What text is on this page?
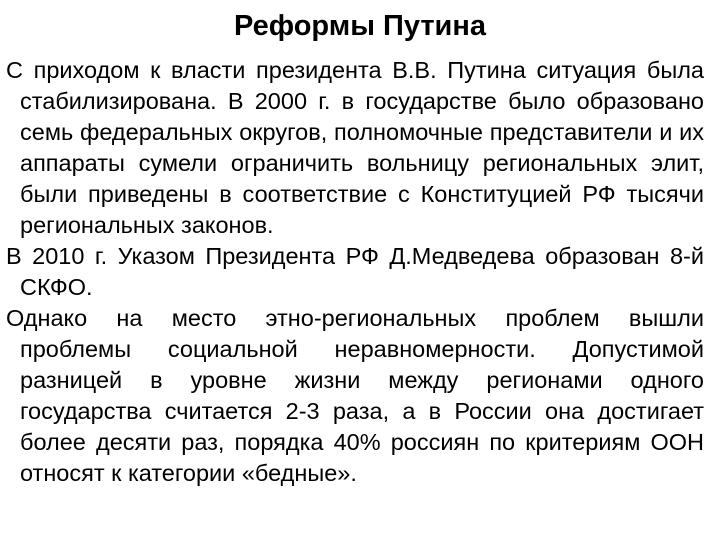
Реформы Путина

С приходом к власти президента В.В. Путина ситуация была стабилизирована. В 2000 г. в государстве было образовано семь федеральных округов, полномочные представители и их аппараты сумели ограничить вольницу региональных элит, были приведены в соответствие с Конституцией РФ тысячи региональных законов.

В 2010 г. Указом Президента РФ Д.Медведева образован 8-й СКФО.

Однако на место этно-региональных проблем вышли проблемы социальной неравномерности. Допустимой разницей в уровне жизни между регионами одного государства считается 2-3 раза, а в России она достигает более десяти раз, порядка 40% россиян по критериям ООН относят к категории «бедные».
